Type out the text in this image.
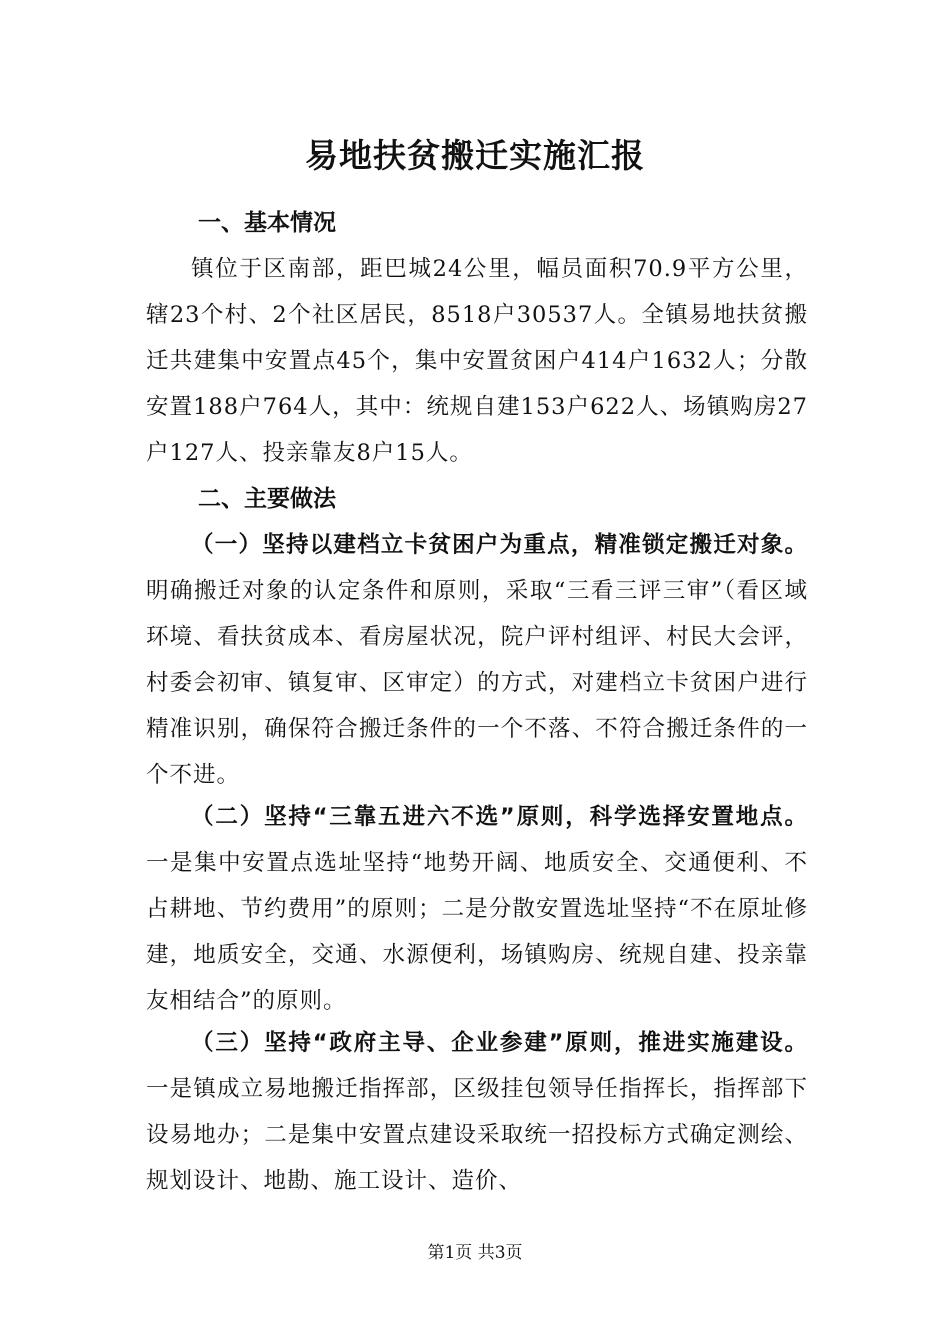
易地扶贫搬迁实施汇报
一、基本情况
镇位于区南部，距巴城24公里，幅员面积70.9平方公里，辖23个村、2个社区居民，8518户30537人。全镇易地扶贫搬迁共建集中安置点45个，集中安置贫困户414户1632人；分散安置188户764人，其中：统规自建153户622人、场镇购房27户127人、投亲靠友8户15人。
二、主要做法
（一）坚持以建档立卡贫困户为重点，精准锁定搬迁对象。明确搬迁对象的认定条件和原则，采取“三看三评三审”（看区域环境、看扶贫成本、看房屋状况，院户评村组评、村民大会评，村委会初审、镇复审、区审定）的方式，对建档立卡贫困户进行精准识别，确保符合搬迁条件的一个不落、不符合搬迁条件的一个不进。
（二）坚持“三靠五进六不选”原则，科学选择安置地点。一是集中安置点选址坚持“地势开阔、地质安全、交通便利、不占耕地、节约费用”的原则；二是分散安置选址坚持“不在原址修建，地质安全，交通、水源便利，场镇购房、统规自建、投亲靠友相结合”的原则。
（三）坚持“政府主导、企业参建”原则，推进实施建设。一是镇成立易地搬迁指挥部，区级挂包领导任指挥长，指挥部下设易地办；二是集中安置点建设采取统一招投标方式确定测绘、规划设计、地勘、施工设计、造价、
第1页 共3页
